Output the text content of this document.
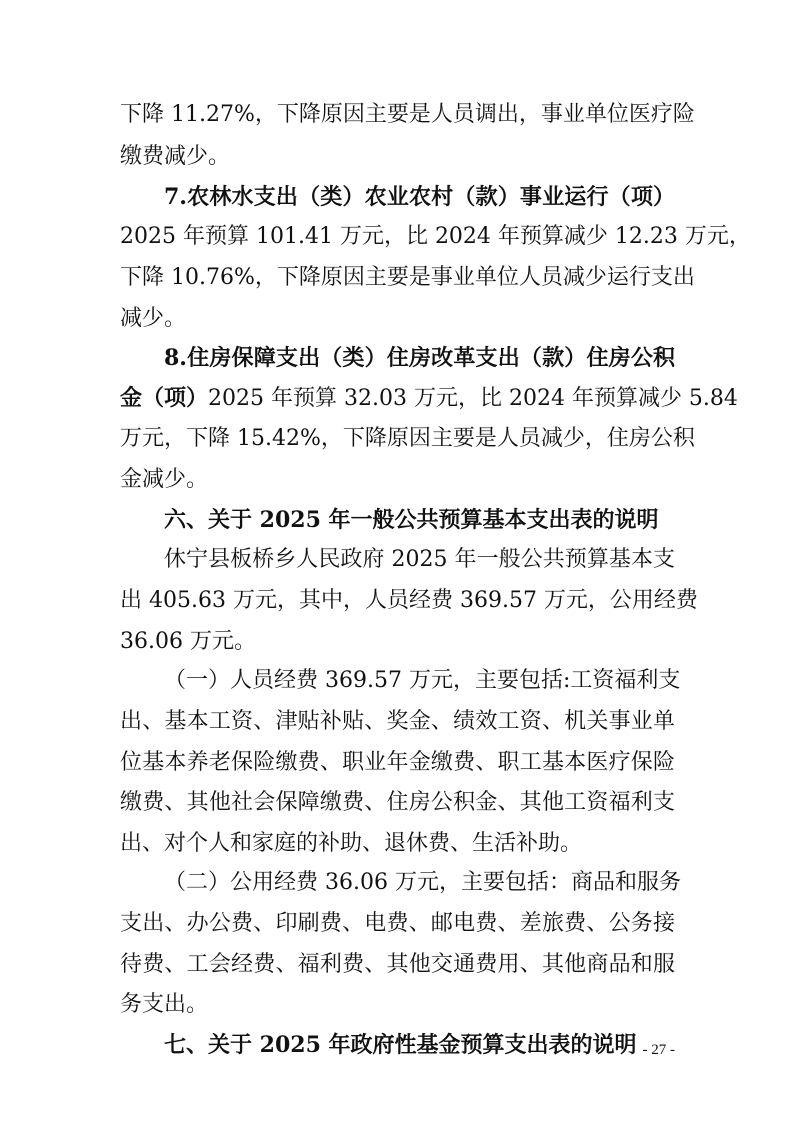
下降 11.27%，下降原因主要是人员调出，事业单位医疗险
缴费减少。
7.农林水支出（类）农业农村（款）事业运行（项）
2025 年预算 101.41 万元，比 2024 年预算减少 12.23 万元，
下降 10.76%，下降原因主要是事业单位人员减少运行支出
减少。
8.住房保障支出（类）住房改革支出（款）住房公积
金（项）2025 年预算 32.03 万元，比 2024 年预算减少 5.84
万元，下降 15.42%，下降原因主要是人员减少，住房公积
金减少。
六、关于 2025 年一般公共预算基本支出表的说明
休宁县板桥乡人民政府 2025 年一般公共预算基本支
出 405.63 万元，其中，人员经费 369.57 万元，公用经费
36.06 万元。
（一）人员经费 369.57 万元，主要包括:工资福利支
出、基本工资、津贴补贴、奖金、绩效工资、机关事业单
位基本养老保险缴费、职业年金缴费、职工基本医疗保险
缴费、其他社会保障缴费、住房公积金、其他工资福利支
出、对个人和家庭的补助、退休费、生活补助。
（二）公用经费 36.06 万元，主要包括：商品和服务
支出、办公费、印刷费、电费、邮电费、差旅费、公务接
待费、工会经费、福利费、其他交通费用、其他商品和服
务支出。
七、关于 2025 年政府性基金预算支出表的说明 - 27 -
